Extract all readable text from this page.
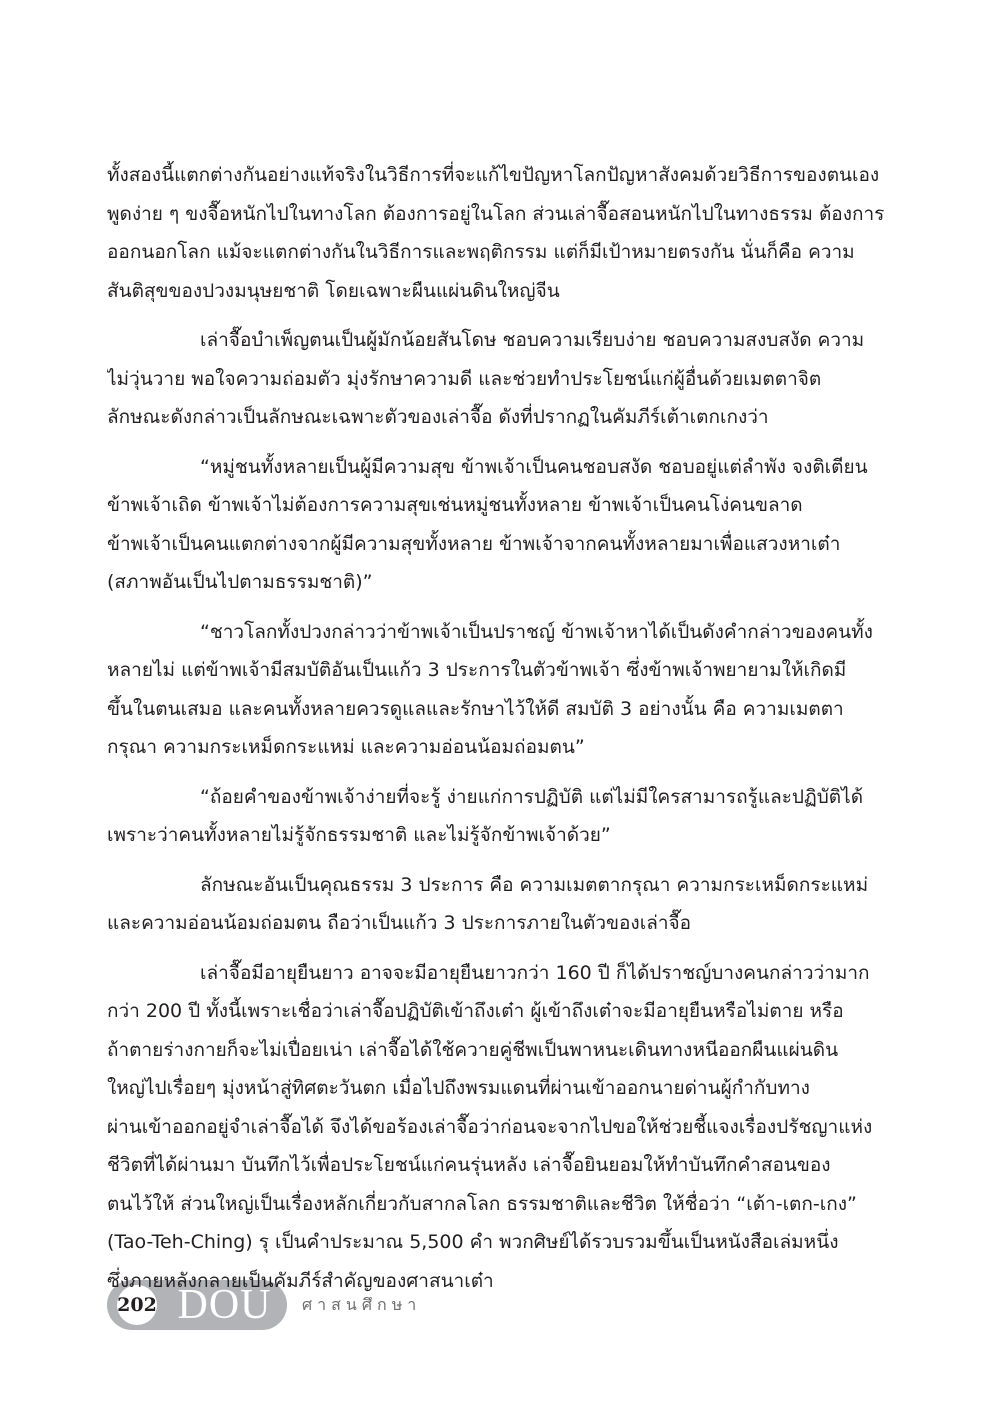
ทั้งสองนี้แตกต่างกันอย่างแท้จริงในวิธีการที่จะแก้ไขปัญหาโลกปัญหาสังคมด้วยวิธีการของตนเอง
พูดง่าย ๆ ขงจื๊อหนักไปในทางโลก ต้องการอยู่ในโลก ส่วนเล่าจื๊อสอนหนักไปในทางธรรม ต้องการ
ออกนอกโลก แม้จะแตกต่างกันในวิธีการและพฤติกรรม แต่ก็มีเป้าหมายตรงกัน นั่นก็คือ ความ
สันติสุขของปวงมนุษยชาติ โดยเฉพาะผืนแผ่นดินใหญ่จีน
เล่าจื๊อบำเพ็ญตนเป็นผู้มักน้อยสันโดษ ชอบความเรียบง่าย ชอบความสงบสงัด ความ
ไม่วุ่นวาย พอใจความถ่อมตัว มุ่งรักษาความดี และช่วยทำประโยชน์แก่ผู้อื่นด้วยเมตตาจิต
ลักษณะดังกล่าวเป็นลักษณะเฉพาะตัวของเล่าจื๊อ ดังที่ปรากฏในคัมภีร์เต้าเตกเกงว่า
“หมู่ชนทั้งหลายเป็นผู้มีความสุข ข้าพเจ้าเป็นคนชอบสงัด ชอบอยู่แต่ลำพัง จงติเตียน
ข้าพเจ้าเถิด ข้าพเจ้าไม่ต้องการความสุขเช่นหมู่ชนทั้งหลาย ข้าพเจ้าเป็นคนโง่คนขลาด
ข้าพเจ้าเป็นคนแตกต่างจากผู้มีความสุขทั้งหลาย ข้าพเจ้าจากคนทั้งหลายมาเพื่อแสวงหาเต๋า
(สภาพอันเป็นไปตามธรรมชาติ)”
“ชาวโลกทั้งปวงกล่าวว่าข้าพเจ้าเป็นปราชญ์ ข้าพเจ้าหาได้เป็นดังคำกล่าวของคนทั้ง
หลายไม่ แต่ข้าพเจ้ามีสมบัติอันเป็นแก้ว 3 ประการในตัวข้าพเจ้า ซึ่งข้าพเจ้าพยายามให้เกิดมี
ขึ้นในตนเสมอ และคนทั้งหลายควรดูแลและรักษาไว้ให้ดี สมบัติ 3 อย่างนั้น คือ ความเมตตา
กรุณา ความกระเหม็ดกระแหม่ และความอ่อนน้อมถ่อมตน”
“ถ้อยคำของข้าพเจ้าง่ายที่จะรู้ ง่ายแก่การปฏิบัติ แต่ไม่มีใครสามารถรู้และปฏิบัติได้
เพราะว่าคนทั้งหลายไม่รู้จักธรรมชาติ และไม่รู้จักข้าพเจ้าด้วย”
ลักษณะอันเป็นคุณธรรม 3 ประการ คือ ความเมตตากรุณา ความกระเหม็ดกระแหม่
และความอ่อนน้อมถ่อมตน ถือว่าเป็นแก้ว 3 ประการภายในตัวของเล่าจื๊อ
เล่าจื๊อมีอายุยืนยาว อาจจะมีอายุยืนยาวกว่า 160 ปี ก็ได้ปราชญ์บางคนกล่าวว่ามาก
กว่า 200 ปี ทั้งนี้เพราะเชื่อว่าเล่าจื๊อปฏิบัติเข้าถึงเต๋า ผู้เข้าถึงเต๋าจะมีอายุยืนหรือไม่ตาย หรือ
ถ้าตายร่างกายก็จะไม่เปื่อยเน่า เล่าจื๊อได้ใช้ควายคู่ชีพเป็นพาหนะเดินทางหนีออกผืนแผ่นดิน
ใหญ่ไปเรื่อยๆ มุ่งหน้าสู่ทิศตะวันตก เมื่อไปถึงพรมแดนที่ผ่านเข้าออกนายด่านผู้กำกับทาง
ผ่านเข้าออกอยู่จำเล่าจื๊อได้ จึงได้ขอร้องเล่าจื๊อว่าก่อนจะจากไปขอให้ช่วยชี้แจงเรื่องปรัชญาแห่ง
ชีวิตที่ได้ผ่านมา บันทึกไว้เพื่อประโยชน์แก่คนรุ่นหลัง เล่าจื๊อยินยอมให้ทำบันทึกคำสอนของ
ตนไว้ให้ ส่วนใหญ่เป็นเรื่องหลักเกี่ยวกับสากลโลก ธรรมชาติและชีวิต ให้ชื่อว่า “เต้า-เตก-เกง”
(Tao-Teh-Ching) รุ เป็นคำประมาณ 5,500 คำ พวกศิษย์ได้รวบรวมขึ้นเป็นหนังสือเล่มหนึ่ง
202 DOU	ศาสนศึกษา
ซึ่งภายหลังกลายเป็นคัมภีร์สำคัญของศาสนาเต๋า
